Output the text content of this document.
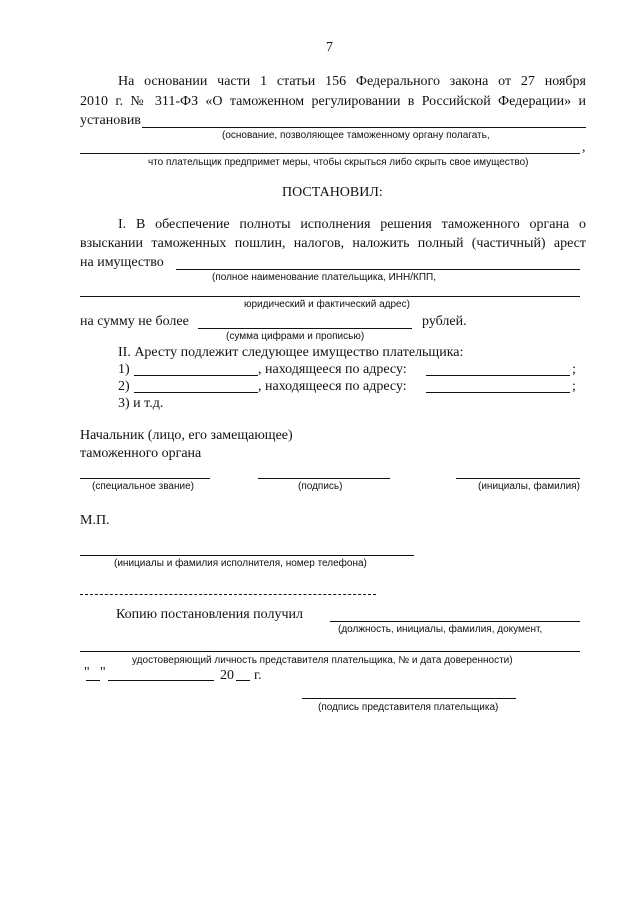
7
На основании части 1 статьи 156 Федерального закона от 27 ноября
2010 г. № 311-ФЗ «О таможенном регулировании в Российской Федерации» и
установив
(основание, позволяющее таможенному органу полагать,
,
что плательщик предпримет меры, чтобы скрыться либо скрыть свое имущество)
ПОСТАНОВИЛ:
I. В обеспечение полноты исполнения решения таможенного органа о
взыскании таможенных пошлин, налогов, наложить полный (частичный) арест
на имущество
(полное наименование плательщика, ИНН/КПП,
юридический и фактический адрес)
на сумму не более	рублей.
(сумма цифрами и прописью)
II. Аресту подлежит следующее имущество плательщика:
1)	, находящееся по адресу:	;
2)	, находящееся по адресу:	;
3) и т.д.
Начальник (лицо, его замещающее)
таможенного органа
(специальное звание)	(подпись)	(инициалы, фамилия)
М.П.
(инициалы и фамилия исполнителя, номер телефона)
Копию постановления получил
(должность, инициалы, фамилия, документ,
удостоверяющий личность представителя плательщика, № и дата доверенности)
" "	20 г.
(подпись представителя плательщика)
